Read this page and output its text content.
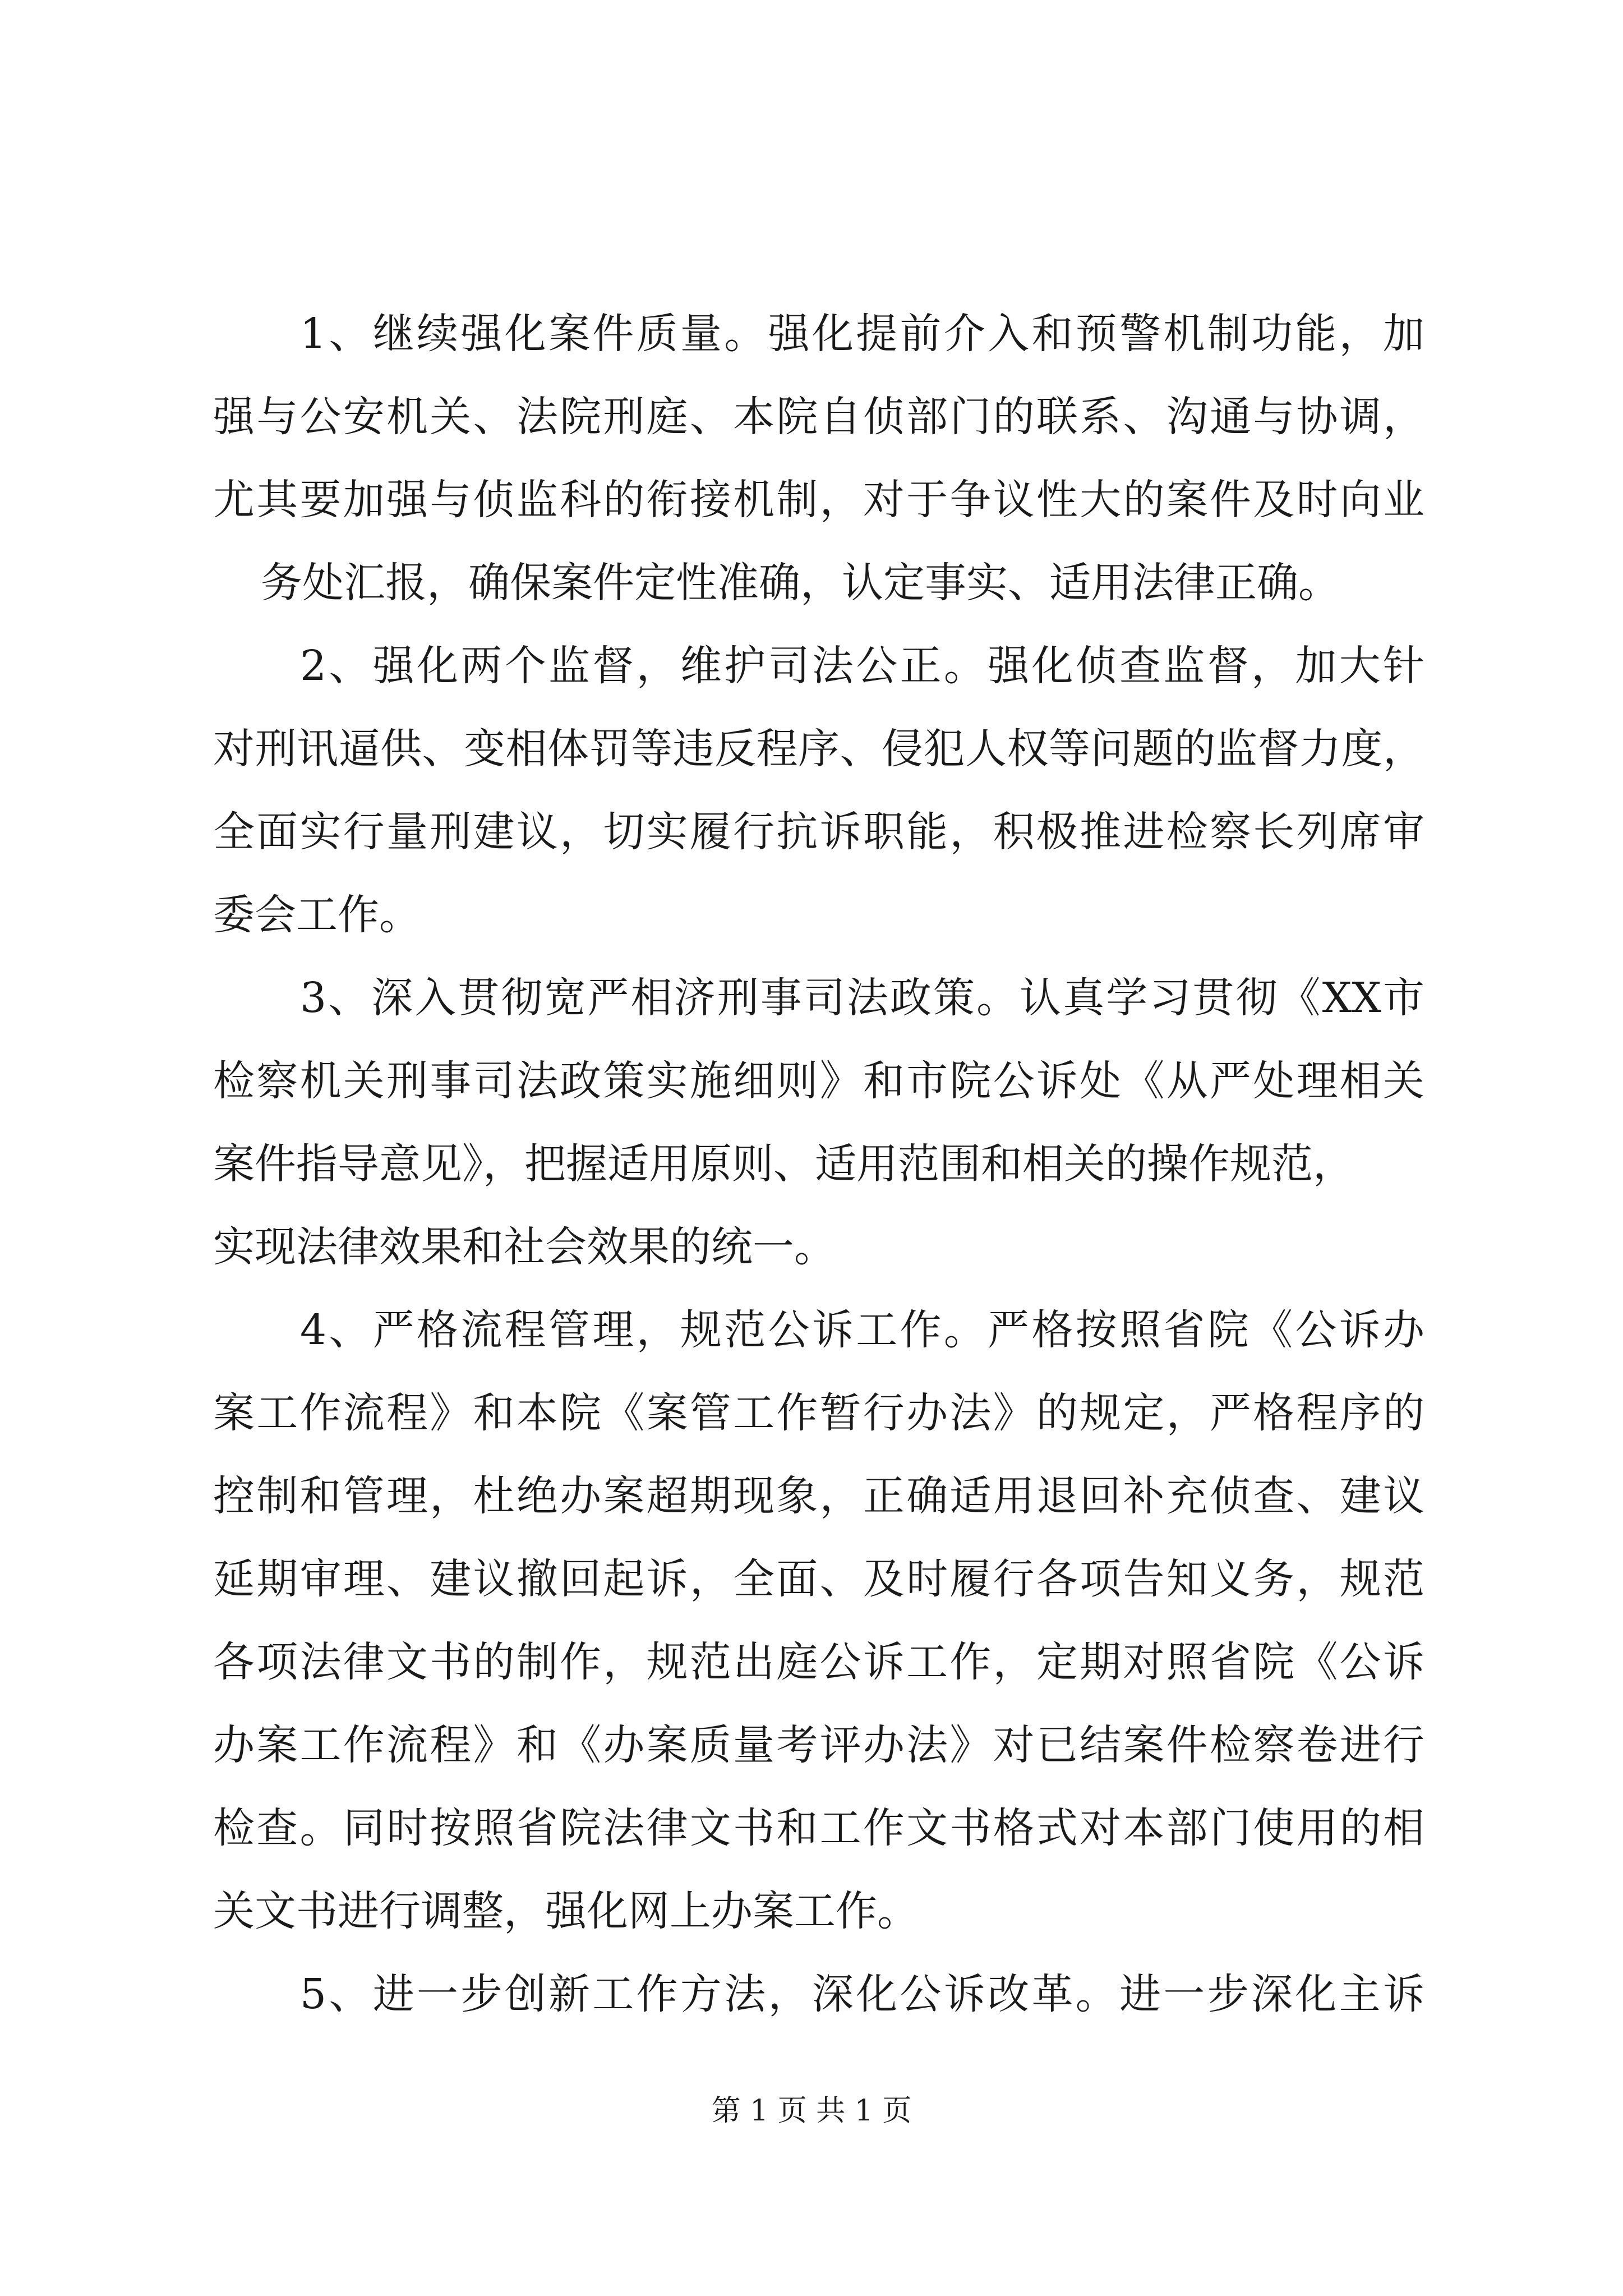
1、继续强化案件质量。强化提前介入和预警机制功能，加

强与公安机关、法院刑庭、本院自侦部门的联系、沟通与协调，

尤其要加强与侦监科的衔接机制，对于争议性大的案件及时向业

务处汇报，确保案件定性准确，认定事实、适用法律正确。

2、强化两个监督，维护司法公正。强化侦查监督，加大针

对刑讯逼供、变相体罚等违反程序、侵犯人权等问题的监督力度，

全面实行量刑建议，切实履行抗诉职能，积极推进检察长列席审

委会工作。

3、深入贯彻宽严相济刑事司法政策。认真学习贯彻《XX市

检察机关刑事司法政策实施细则》和市院公诉处《从严处理相关

案件指导意见》，把握适用原则、适用范围和相关的操作规范，

实现法律效果和社会效果的统一。

4、严格流程管理，规范公诉工作。严格按照省院《公诉办

案工作流程》和本院《案管工作暂行办法》的规定，严格程序的

控制和管理，杜绝办案超期现象，正确适用退回补充侦查、建议

延期审理、建议撤回起诉，全面、及时履行各项告知义务，规范

各项法律文书的制作，规范出庭公诉工作，定期对照省院《公诉

办案工作流程》和《办案质量考评办法》对已结案件检察卷进行

检查。同时按照省院法律文书和工作文书格式对本部门使用的相

关文书进行调整，强化网上办案工作。

5、进一步创新工作方法，深化公诉改革。进一步深化主诉

第 1 页 共 1 页
